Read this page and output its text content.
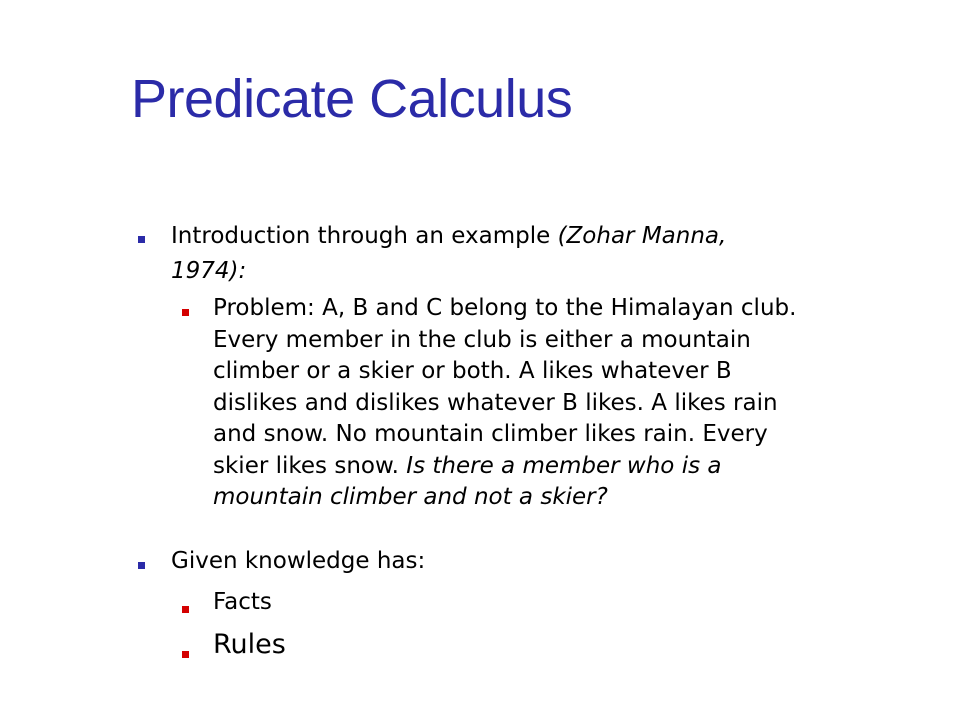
Predicate Calculus
Introduction through an example (Zohar Manna,
1974):
Problem: A, B and C belong to the Himalayan club.
Every member in the club is either a mountain
climber or a skier or both. A likes whatever B
dislikes and dislikes whatever B likes. A likes rain
and snow. No mountain climber likes rain. Every
skier likes snow. Is there a member who is a
mountain climber and not a skier?
Given knowledge has:
Facts
Rules
